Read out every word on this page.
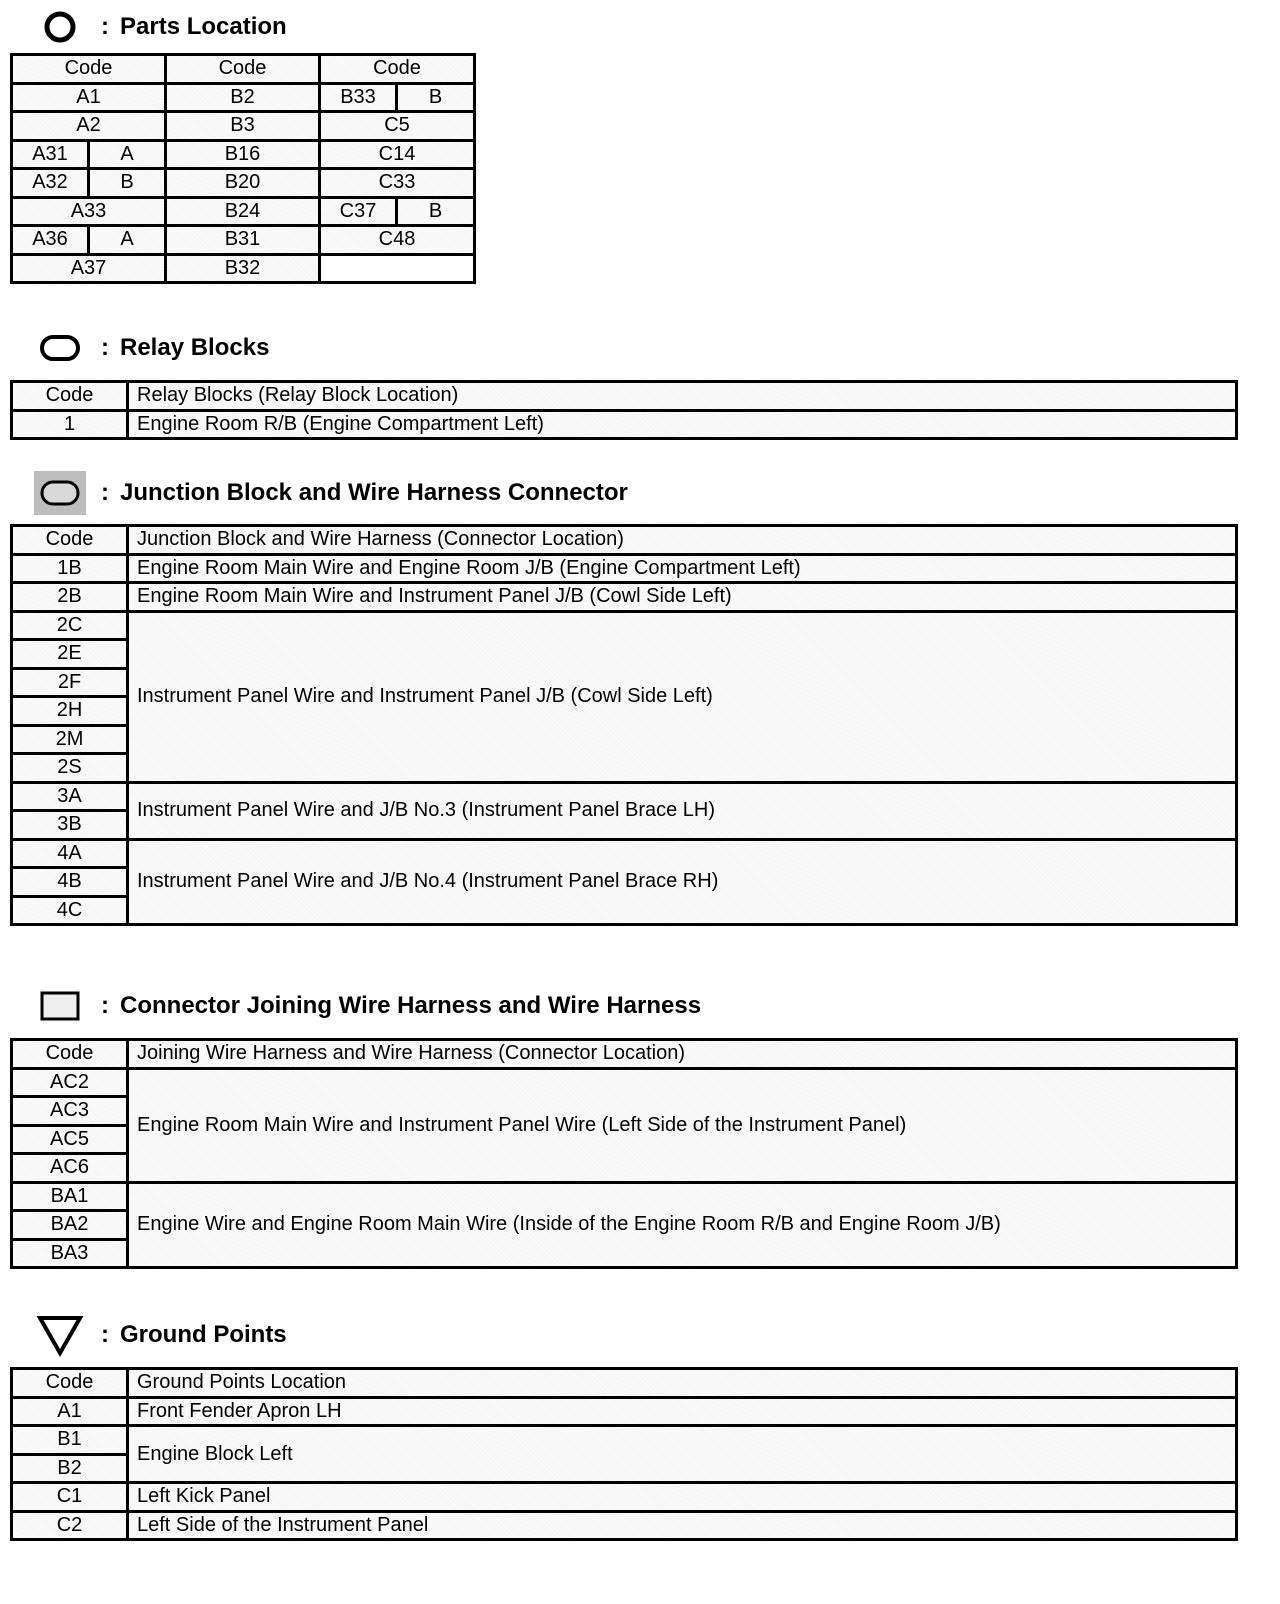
: Parts Location
Code		Code	Code	
A1		B2	B33	B
A2		B3	C5	
A31	A	B16	C14	
A32	B	B20	C33	
A33		B24	C37	B
A36	A	B31	C48	
A37		B32		
: Relay Blocks
Code	Relay Blocks (Relay Block Location)
1	Engine Room R/B (Engine Compartment Left)
: Junction Block and Wire Harness Connector
Code	Junction Block and Wire Harness (Connector Location)
1B	Engine Room Main Wire and Engine Room J/B (Engine Compartment Left)
2B	Engine Room Main Wire and Instrument Panel J/B (Cowl Side Left)
2C	Instrument Panel Wire and Instrument Panel J/B (Cowl Side Left)
2E	
2F	
2H	
2M	
2S	
3A	Instrument Panel Wire and J/B No.3 (Instrument Panel Brace LH)
3B	
4A	Instrument Panel Wire and J/B No.4 (Instrument Panel Brace RH)
4B	
4C	
: Connector Joining Wire Harness and Wire Harness
Code	Joining Wire Harness and Wire Harness (Connector Location)
AC2	Engine Room Main Wire and Instrument Panel Wire (Left Side of the Instrument Panel)
AC3	
AC5	
AC6	
BA1	Engine Wire and Engine Room Main Wire (Inside of the Engine Room R/B and Engine Room J/B)
BA2	
BA3	
: Ground Points
Code	Ground Points Location
A1	Front Fender Apron LH
B1	Engine Block Left
B2	
C1	Left Kick Panel
C2	Left Side of the Instrument Panel
